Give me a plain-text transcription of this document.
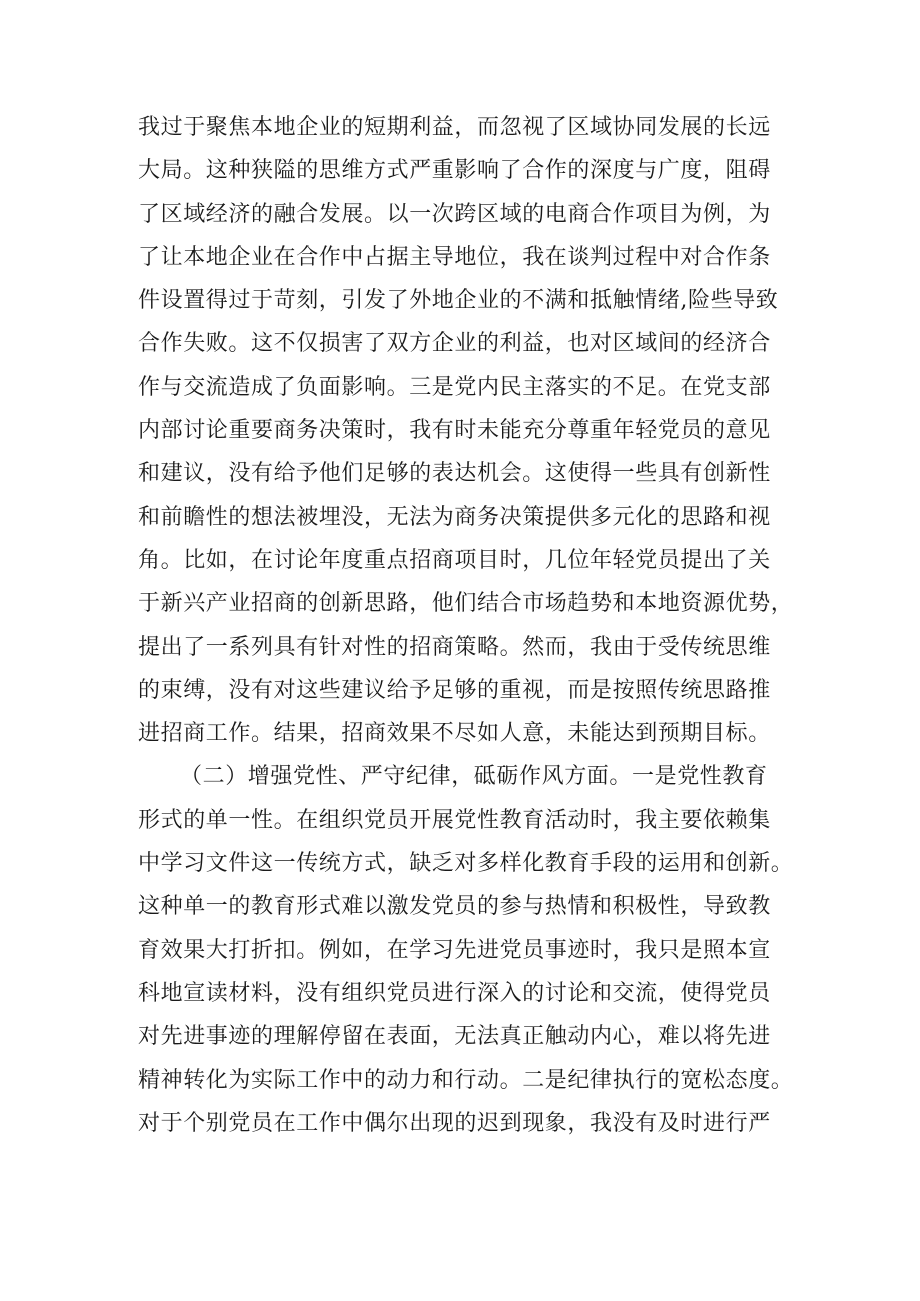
我过于聚焦本地企业的短期利益，而忽视了区域协同发展的长远
大局。这种狭隘的思维方式严重影响了合作的深度与广度，阻碍
了区域经济的融合发展。以一次跨区域的电商合作项目为例，为
了让本地企业在合作中占据主导地位，我在谈判过程中对合作条
件设置得过于苛刻，引发了外地企业的不满和抵触情绪,险些导致
合作失败。这不仅损害了双方企业的利益，也对区域间的经济合
作与交流造成了负面影响。三是党内民主落实的不足。在党支部
内部讨论重要商务决策时，我有时未能充分尊重年轻党员的意见
和建议，没有给予他们足够的表达机会。这使得一些具有创新性
和前瞻性的想法被埋没，无法为商务决策提供多元化的思路和视
角。比如，在讨论年度重点招商项目时，几位年轻党员提出了关
于新兴产业招商的创新思路，他们结合市场趋势和本地资源优势，
提出了一系列具有针对性的招商策略。然而，我由于受传统思维
的束缚，没有对这些建议给予足够的重视，而是按照传统思路推
进招商工作。结果，招商效果不尽如人意，未能达到预期目标。
（二）增强党性、严守纪律，砥砺作风方面。一是党性教育
形式的单一性。在组织党员开展党性教育活动时，我主要依赖集
中学习文件这一传统方式，缺乏对多样化教育手段的运用和创新。
这种单一的教育形式难以激发党员的参与热情和积极性，导致教
育效果大打折扣。例如，在学习先进党员事迹时，我只是照本宣
科地宣读材料，没有组织党员进行深入的讨论和交流，使得党员
对先进事迹的理解停留在表面，无法真正触动内心，难以将先进
精神转化为实际工作中的动力和行动。二是纪律执行的宽松态度。
对于个别党员在工作中偶尔出现的迟到现象，我没有及时进行严
